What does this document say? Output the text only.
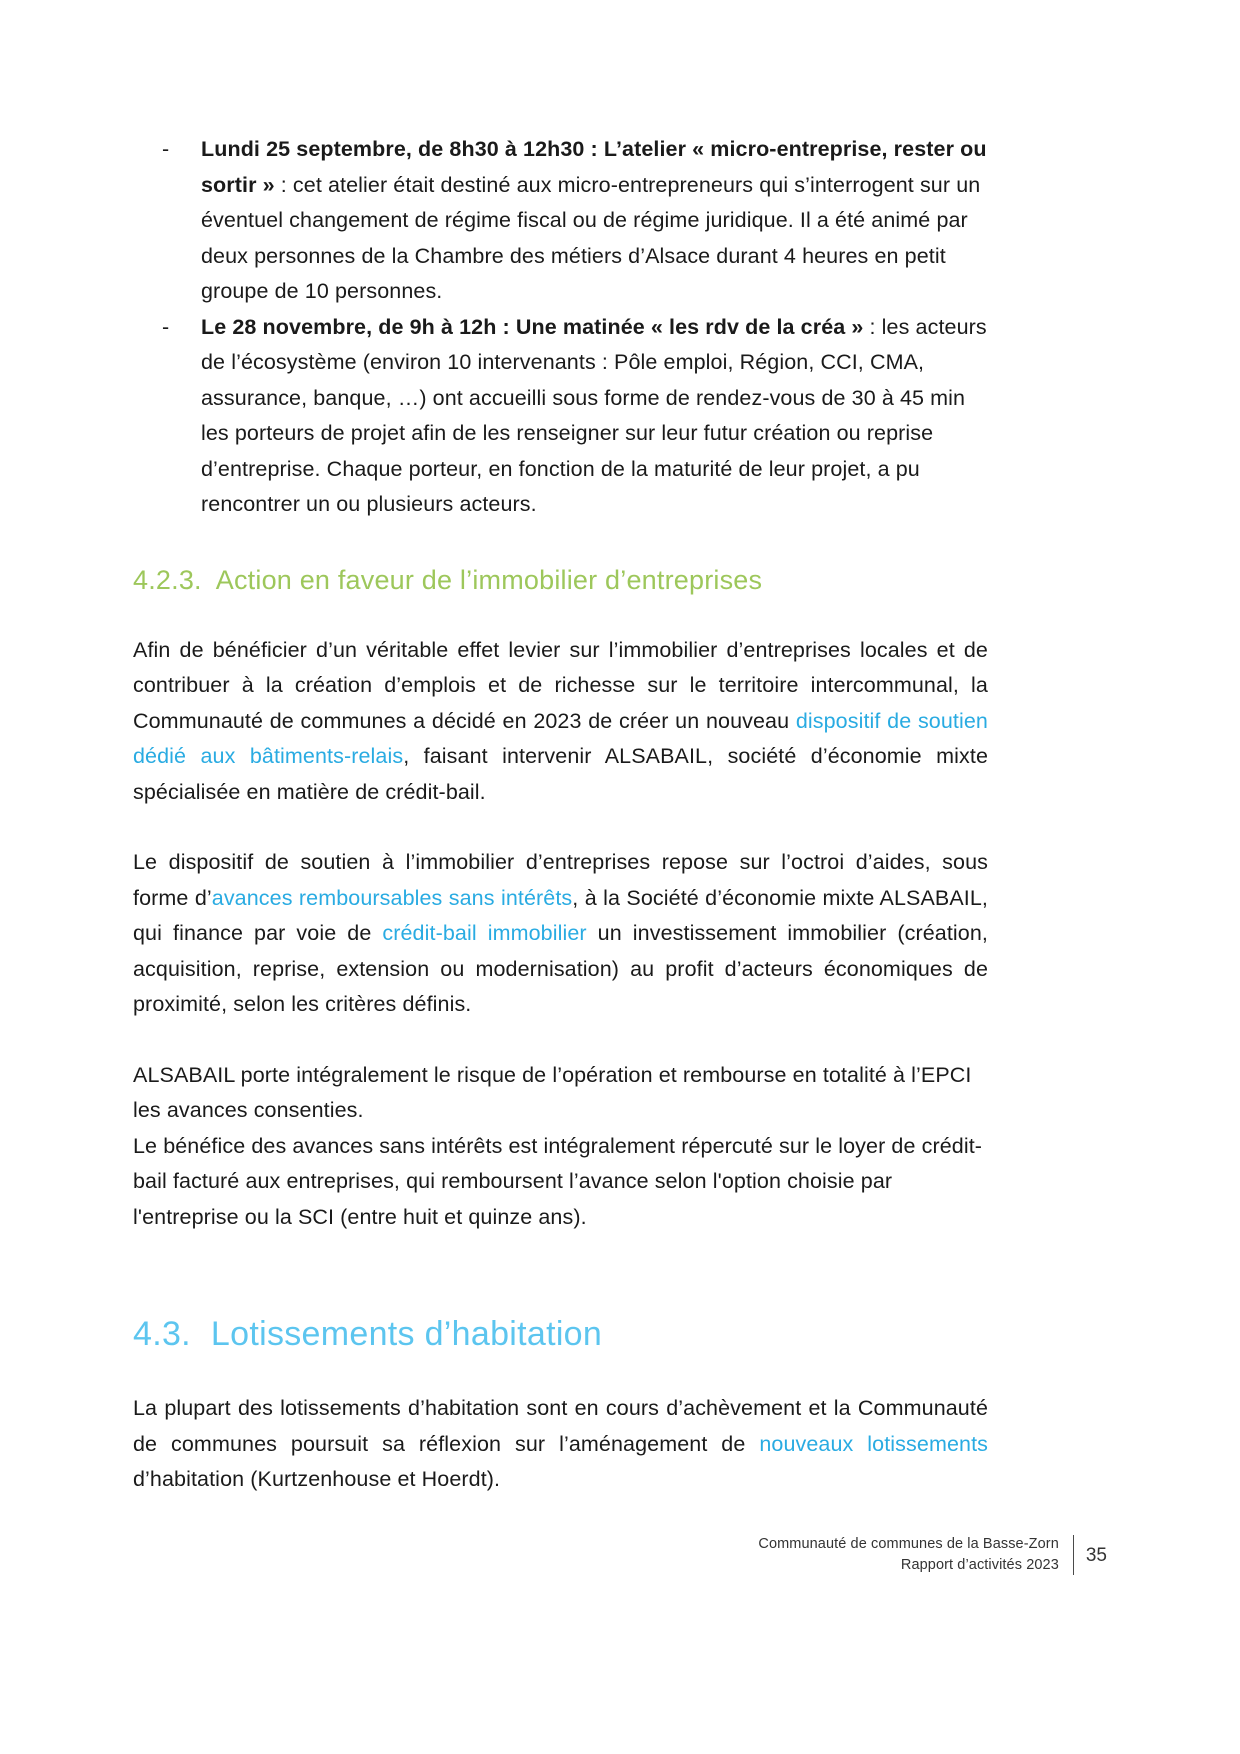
- Lundi 25 septembre, de 8h30 à 12h30 : L’atelier « micro-entreprise, rester ou sortir » : cet atelier était destiné aux micro-entrepreneurs qui s’interrogent sur un éventuel changement de régime fiscal ou de régime juridique. Il a été animé par deux personnes de la Chambre des métiers d’Alsace durant 4 heures en petit groupe de 10 personnes.
- Le 28 novembre, de 9h à 12h : Une matinée « les rdv de la créa » : les acteurs de l’écosystème (environ 10 intervenants : Pôle emploi, Région, CCI, CMA, assurance, banque, …) ont accueilli sous forme de rendez-vous de 30 à 45 min les porteurs de projet afin de les renseigner sur leur futur création ou reprise d’entreprise. Chaque porteur, en fonction de la maturité de leur projet, a pu rencontrer un ou plusieurs acteurs.
4.2.3. Action en faveur de l’immobilier d’entreprises

Afin de bénéficier d’un véritable effet levier sur l’immobilier d’entreprises locales et de contribuer à la création d’emplois et de richesse sur le territoire intercommunal, la Communauté de communes a décidé en 2023 de créer un nouveau dispositif de soutien dédié aux bâtiments-relais, faisant intervenir ALSABAIL, société d’économie mixte spécialisée en matière de crédit-bail.

Le dispositif de soutien à l’immobilier d’entreprises repose sur l’octroi d’aides, sous forme d’avances remboursables sans intérêts, à la Société d’économie mixte ALSABAIL, qui finance par voie de crédit-bail immobilier un investissement immobilier (création, acquisition, reprise, extension ou modernisation) au profit d’acteurs économiques de proximité, selon les critères définis.

ALSABAIL porte intégralement le risque de l’opération et rembourse en totalité à l’EPCI les avances consenties.

Le bénéfice des avances sans intérêts est intégralement répercuté sur le loyer de crédit-bail facturé aux entreprises, qui remboursent l’avance selon l'option choisie par l'entreprise ou la SCI (entre huit et quinze ans).

4.3. Lotissements d’habitation

La plupart des lotissements d’habitation sont en cours d’achèvement et la Communauté de communes poursuit sa réflexion sur l’aménagement de nouveaux lotissements d’habitation (Kurtzenhouse et Hoerdt).

Communauté de communes de la Basse-Zorn
Rapport d’activités 2023 35
